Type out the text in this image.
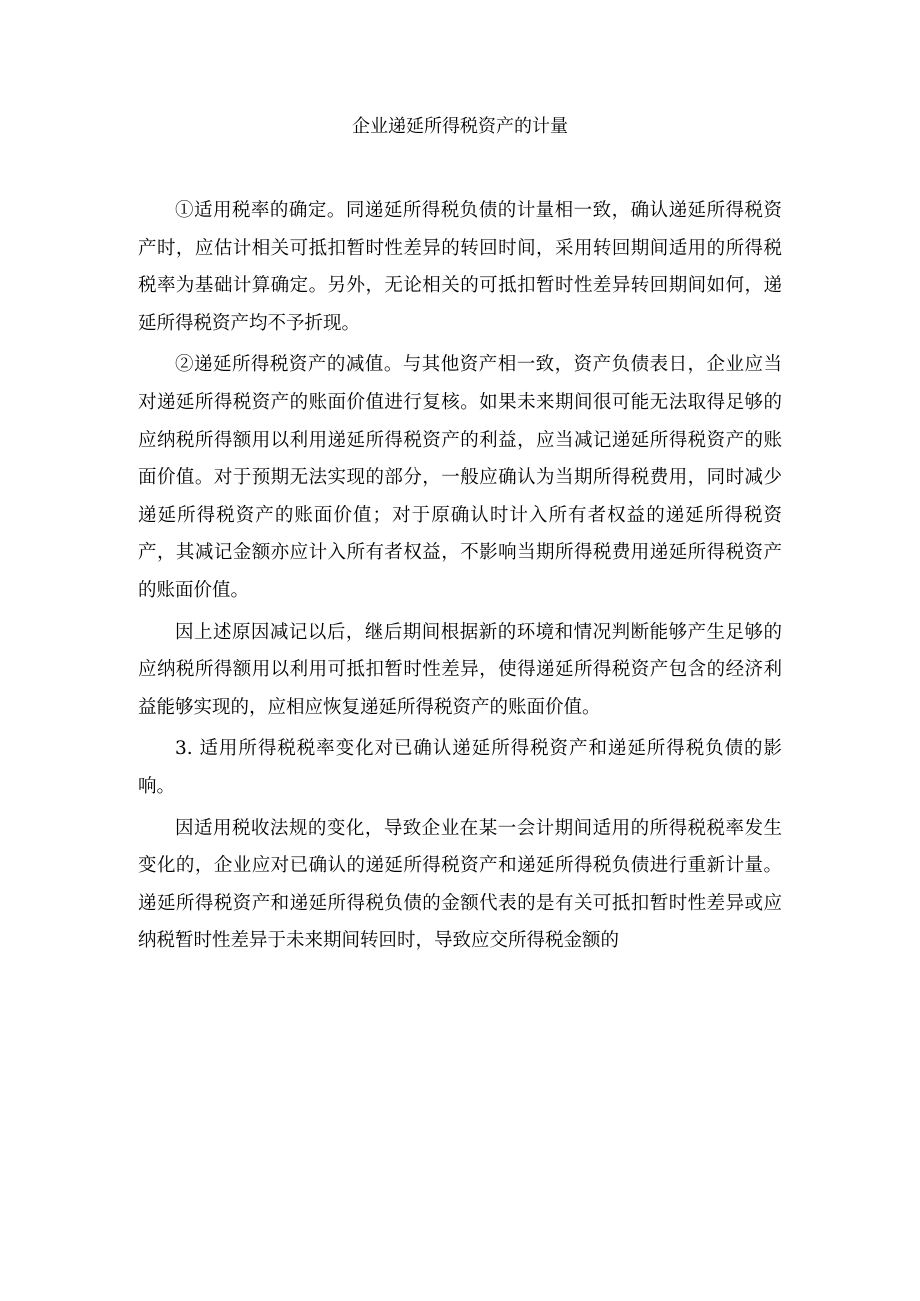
企业递延所得税资产的计量

①适用税率的确定。同递延所得税负债的计量相一致，确认递延所得税资产时，应估计相关可抵扣暂时性差异的转回时间，采用转回期间适用的所得税税率为基础计算确定。另外，无论相关的可抵扣暂时性差异转回期间如何，递延所得税资产均不予折现。

②递延所得税资产的减值。与其他资产相一致，资产负债表日，企业应当对递延所得税资产的账面价值进行复核。如果未来期间很可能无法取得足够的应纳税所得额用以利用递延所得税资产的利益，应当减记递延所得税资产的账面价值。对于预期无法实现的部分，一般应确认为当期所得税费用，同时减少递延所得税资产的账面价值；对于原确认时计入所有者权益的递延所得税资产，其减记金额亦应计入所有者权益，不影响当期所得税费用递延所得税资产的账面价值。

因上述原因减记以后，继后期间根据新的环境和情况判断能够产生足够的应纳税所得额用以利用可抵扣暂时性差异，使得递延所得税资产包含的经济利益能够实现的，应相应恢复递延所得税资产的账面价值。

3. 适用所得税税率变化对已确认递延所得税资产和递延所得税负债的影响。

因适用税收法规的变化，导致企业在某一会计期间适用的所得税税率发生变化的，企业应对已确认的递延所得税资产和递延所得税负债进行重新计量。递延所得税资产和递延所得税负债的金额代表的是有关可抵扣暂时性差异或应纳税暂时性差异于未来期间转回时，导致应交所得税金额的
